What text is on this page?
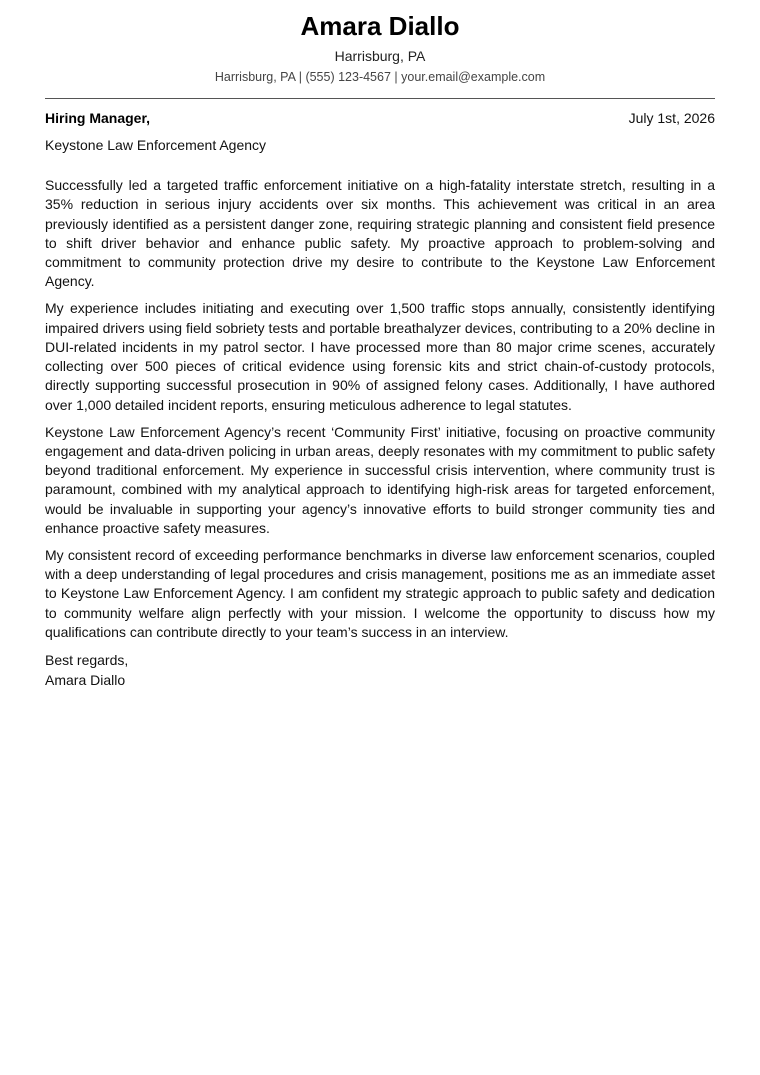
Amara Diallo
Harrisburg, PA
Harrisburg, PA | (555) 123-4567 | your.email@example.com
Hiring Manager,	July 1st, 2026
Keystone Law Enforcement Agency

Successfully led a targeted traffic enforcement initiative on a high-fatality interstate stretch, resulting in a 35% reduction in serious injury accidents over six months. This achievement was critical in an area previously identified as a persistent danger zone, requiring strategic planning and consistent field presence to shift driver behavior and enhance public safety. My proactive approach to problem-solving and commitment to community protection drive my desire to contribute to the Keystone Law Enforcement Agency.

My experience includes initiating and executing over 1,500 traffic stops annually, consistently identifying impaired drivers using field sobriety tests and portable breathalyzer devices, contributing to a 20% decline in DUI-related incidents in my patrol sector. I have processed more than 80 major crime scenes, accurately collecting over 500 pieces of critical evidence using forensic kits and strict chain-of-custody protocols, directly supporting successful prosecution in 90% of assigned felony cases. Additionally, I have authored over 1,000 detailed incident reports, ensuring meticulous adherence to legal statutes.

Keystone Law Enforcement Agency’s recent ‘Community First’ initiative, focusing on proactive community engagement and data-driven policing in urban areas, deeply resonates with my commitment to public safety beyond traditional enforcement. My experience in successful crisis intervention, where community trust is paramount, combined with my analytical approach to identifying high-risk areas for targeted enforcement, would be invaluable in supporting your agency’s innovative efforts to build stronger community ties and enhance proactive safety measures.

My consistent record of exceeding performance benchmarks in diverse law enforcement scenarios, coupled with a deep understanding of legal procedures and crisis management, positions me as an immediate asset to Keystone Law Enforcement Agency. I am confident my strategic approach to public safety and dedication to community welfare align perfectly with your mission. I welcome the opportunity to discuss how my qualifications can contribute directly to your team’s success in an interview.

Best regards,
Amara Diallo
